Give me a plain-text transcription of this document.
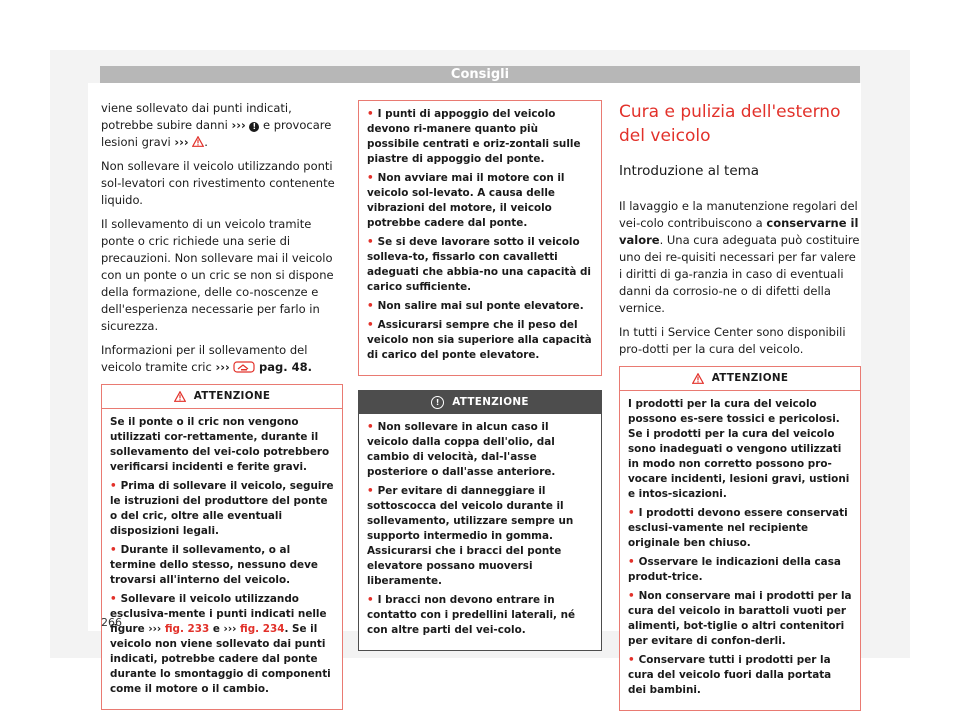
Consigli

viene sollevato dai punti indicati, potrebbe subire danni ››› ! e provocare lesioni gravi ››› .

Non sollevare il veicolo utilizzando ponti sol-levatori con rivestimento contenente liquido.

Il sollevamento di un veicolo tramite ponte o cric richiede una serie di precauzioni. Non sollevare mai il veicolo con un ponte o un cric se non si dispone della formazione, delle co-noscenze e dell'esperienza necessarie per farlo in sicurezza.

Informazioni per il sollevamento del veicolo tramite cric ›››	pag. 48.

ATTENZIONE

Se il ponte o il cric non vengono utilizzati cor-rettamente, durante il sollevamento del vei-colo potrebbero verificarsi incidenti e ferite gravi.

• Prima di sollevare il veicolo, seguire le istruzioni del produttore del ponte o del cric, oltre alle eventuali disposizioni legali.

• Durante il sollevamento, o al termine dello stesso, nessuno deve trovarsi all'interno del veicolo.

• Sollevare il veicolo utilizzando esclusiva-mente i punti indicati nelle figure ››› fig. 233 e ››› fig. 234. Se il veicolo non viene sollevato dai punti indicati, potrebbe cadere dal ponte durante lo smontaggio di componenti come il motore o il cambio.

• I punti di appoggio del veicolo devono ri-manere quanto più possibile centrati e oriz-zontali sulle piastre di appoggio del ponte.

• Non avviare mai il motore con il veicolo sol-levato. A causa delle vibrazioni del motore, il veicolo potrebbe cadere dal ponte.

• Se si deve lavorare sotto il veicolo solleva-to, fissarlo con cavalletti adeguati che abbia-no una capacità di carico sufficiente.

• Non salire mai sul ponte elevatore.

• Assicurarsi sempre che il peso del veicolo non sia superiore alla capacità di carico del ponte elevatore.

!	ATTENZIONE

• Non sollevare in alcun caso il veicolo dalla coppa dell'olio, dal cambio di velocità, dal-l'asse posteriore o dall'asse anteriore.

• Per evitare di danneggiare il sottoscocca del veicolo durante il sollevamento, utilizzare sempre un supporto intermedio in gomma. Assicurarsi che i bracci del ponte elevatore possano muoversi liberamente.

• I bracci non devono entrare in contatto con i predellini laterali, né con altre parti del vei-colo.

Cura e pulizia dell'esterno del veicolo
Introduzione al tema

Il lavaggio e la manutenzione regolari del vei-colo contribuiscono a conservarne il valore. Una cura adeguata può costituire uno dei re-quisiti necessari per far valere i diritti di ga-ranzia in caso di eventuali danni da corrosio-ne o di difetti della vernice.

In tutti i Service Center sono disponibili pro-dotti per la cura del veicolo.

ATTENZIONE

I prodotti per la cura del veicolo possono es-sere tossici e pericolosi. Se i prodotti per la cura del veicolo sono inadeguati o vengono utilizzati in modo non corretto possono pro-vocare incidenti, lesioni gravi, ustioni e intos-sicazioni.

• I prodotti devono essere conservati esclusi-vamente nel recipiente originale ben chiuso.

• Osservare le indicazioni della casa produt-trice.

• Non conservare mai i prodotti per la cura del veicolo in barattoli vuoti per alimenti, bot-tiglie o altri contenitori per evitare di confon-derli.

• Conservare tutti i prodotti per la cura del veicolo fuori dalla portata dei bambini.

266
